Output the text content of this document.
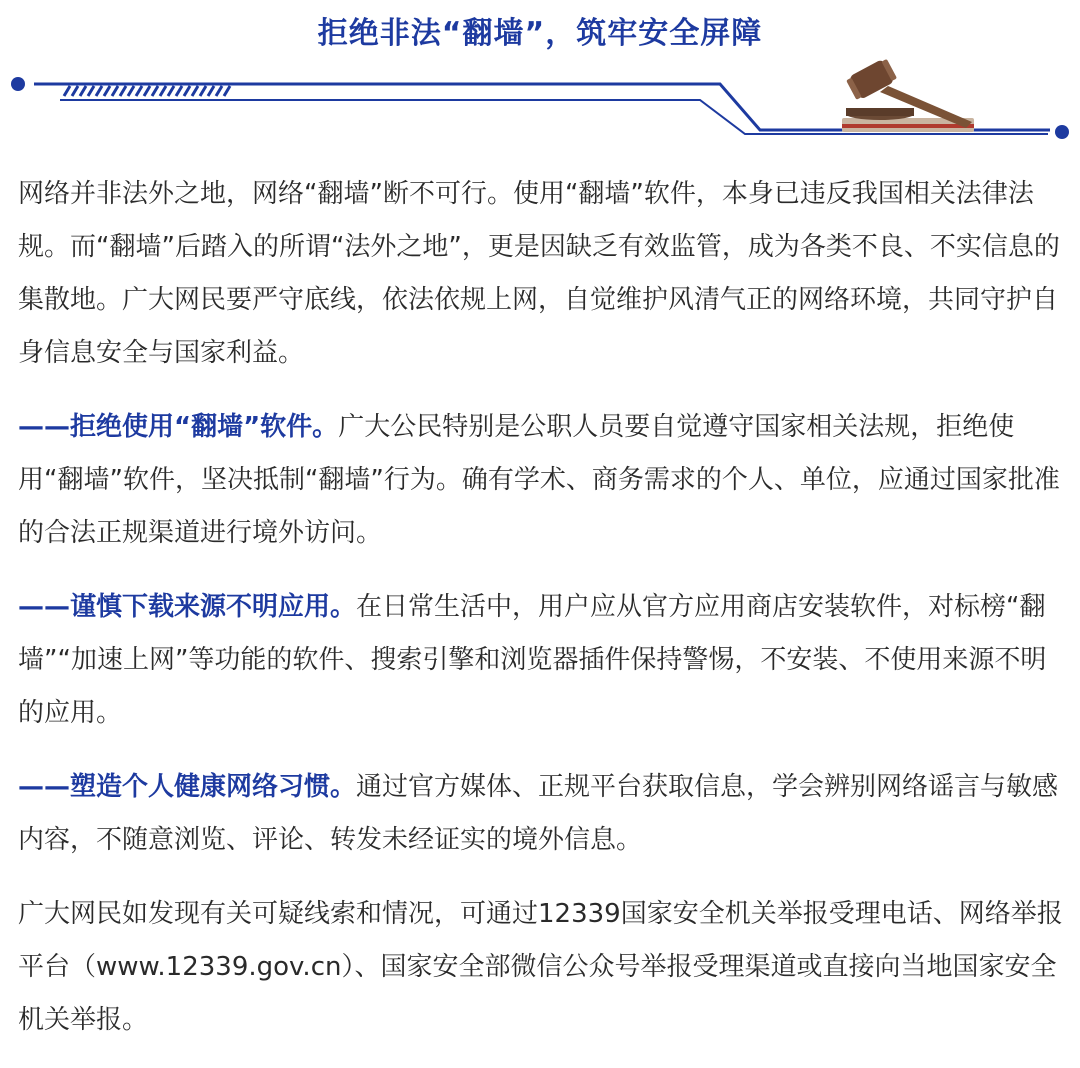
拒绝非法“翻墙”，筑牢安全屏障

网络并非法外之地，网络“翻墙”断不可行。使用“翻墙”软件，本身已违反我国相关法律法规。而“翻墙”后踏入的所谓“法外之地”，更是因缺乏有效监管，成为各类不良、不实信息的集散地。广大网民要严守底线，依法依规上网，自觉维护风清气正的网络环境，共同守护自身信息安全与国家利益。

——拒绝使用“翻墙”软件。广大公民特别是公职人员要自觉遵守国家相关法规，拒绝使用“翻墙”软件，坚决抵制“翻墙”行为。确有学术、商务需求的个人、单位，应通过国家批准的合法正规渠道进行境外访问。

——谨慎下载来源不明应用。在日常生活中，用户应从官方应用商店安装软件，对标榜“翻墙”“加速上网”等功能的软件、搜索引擎和浏览器插件保持警惕，不安装、不使用来源不明的应用。

——塑造个人健康网络习惯。通过官方媒体、正规平台获取信息，学会辨别网络谣言与敏感内容，不随意浏览、评论、转发未经证实的境外信息。

广大网民如发现有关可疑线索和情况，可通过12339国家安全机关举报受理电话、网络举报平台（www.12339.gov.cn）、国家安全部微信公众号举报受理渠道或直接向当地国家安全机关举报。
